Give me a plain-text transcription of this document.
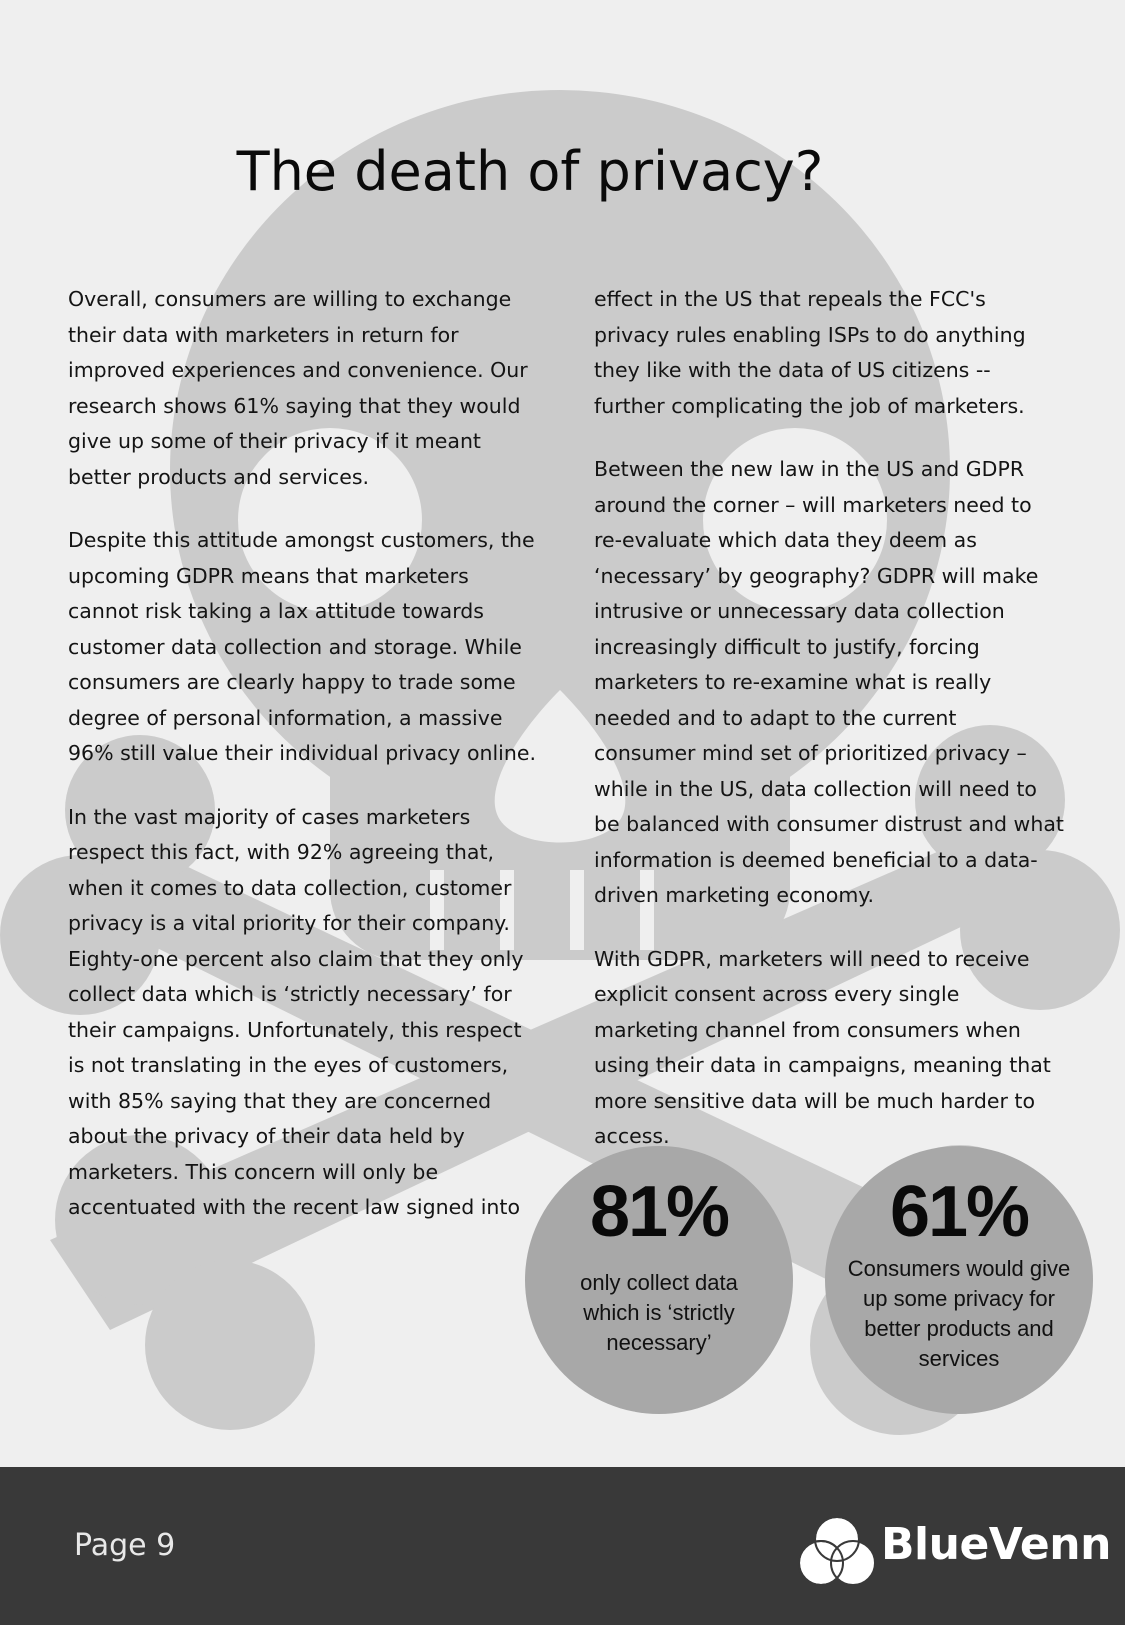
The death of privacy?

Overall, consumers are willing to exchange their data with marketers in return for improved experiences and convenience. Our research shows 61% saying that they would give up some of their privacy if it meant better products and services.

Despite this attitude amongst customers, the upcoming GDPR means that marketers cannot risk taking a lax attitude towards customer data collection and storage. While consumers are clearly happy to trade some degree of personal information, a massive 96% still value their individual privacy online.

In the vast majority of cases marketers respect this fact, with 92% agreeing that, when it comes to data collection, customer privacy is a vital priority for their company. Eighty-one percent also claim that they only collect data which is ‘strictly necessary’ for their campaigns. Unfortunately, this respect is not translating in the eyes of customers, with 85% saying that they are concerned about the privacy of their data held by marketers. This concern will only be accentuated with the recent law signed into

effect in the US that repeals the FCC's privacy rules enabling ISPs to do anything they like with the data of US citizens -- further complicating the job of marketers.

Between the new law in the US and GDPR around the corner – will marketers need to re-evaluate which data they deem as ‘necessary’ by geography? GDPR will make intrusive or unnecessary data collection increasingly difficult to justify, forcing marketers to re-examine what is really needed and to adapt to the current consumer mind set of prioritized privacy – while in the US, data collection will need to be balanced with consumer distrust and what information is deemed beneficial to a data-driven marketing economy.

With GDPR, marketers will need to receive explicit consent across every single marketing channel from consumers when using their data in campaigns, meaning that more sensitive data will be much harder to access.

81%
only collect data which is ‘strictly necessary’
61%
Consumers would give up some privacy for better products and services
Page 9	BlueVenn
